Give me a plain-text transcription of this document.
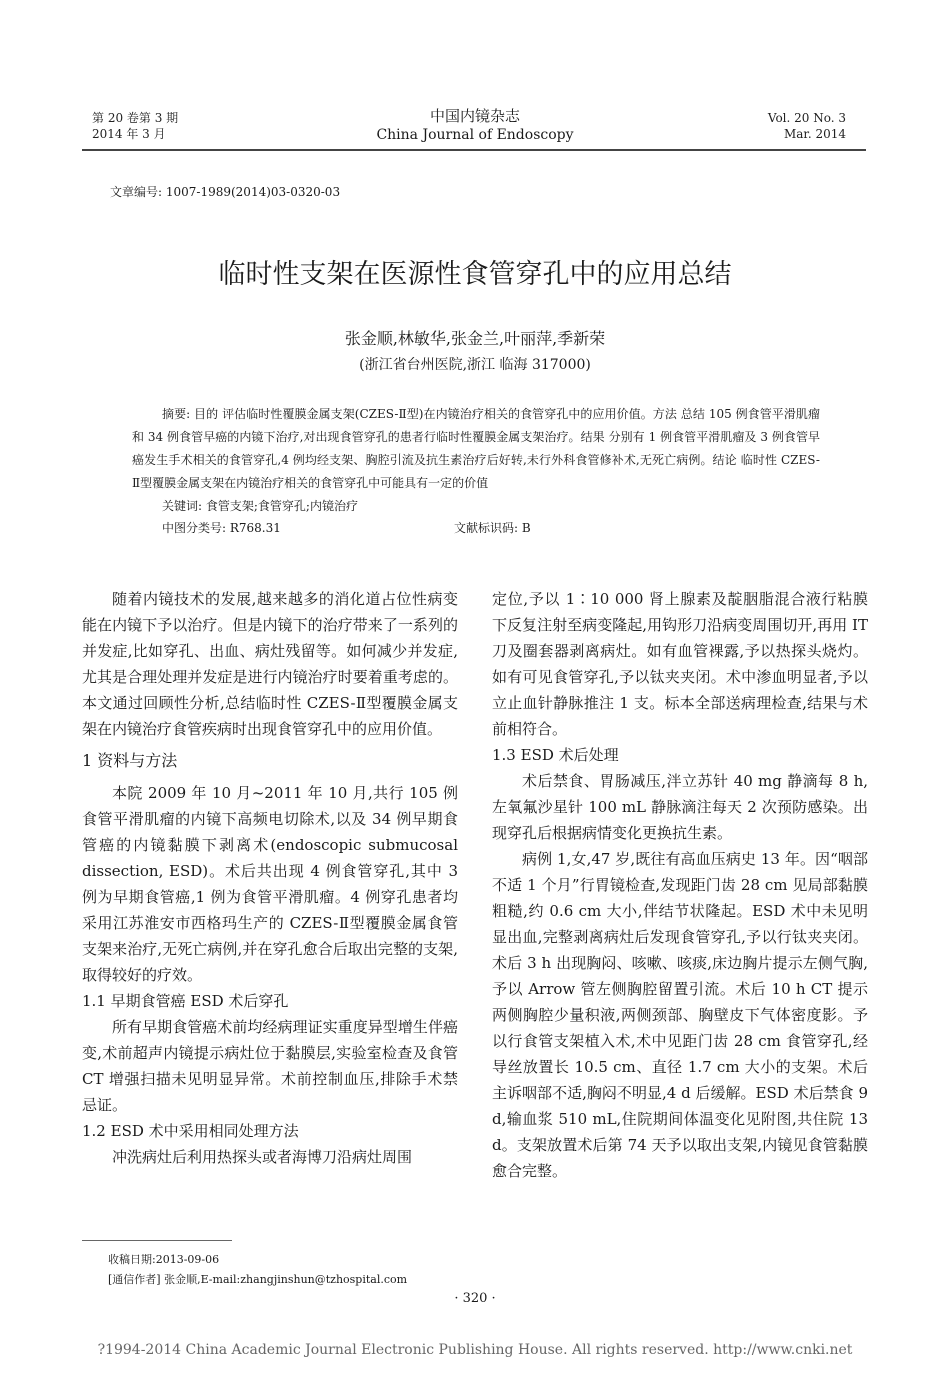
第 20 卷第 3 期
2014 年 3 月
中国内镜杂志
China Journal of Endoscopy
Vol. 20 No. 3
Mar. 2014
文章编号: 1007-1989(2014)03-0320-03
临时性支架在医源性食管穿孔中的应用总结
张金顺,林敏华,张金兰,叶丽萍,季新荣
(浙江省台州医院,浙江 临海 317000)

摘要: 目的 评估临时性覆膜金属支架(CZES-Ⅱ型)在内镜治疗相关的食管穿孔中的应用价值。方法 总结 105 例食管平滑肌瘤和 34 例食管早癌的内镜下治疗,对出现食管穿孔的患者行临时性覆膜金属支架治疗。结果 分别有 1 例食管平滑肌瘤及 3 例食管早癌发生手术相关的食管穿孔,4 例均经支架、胸腔引流及抗生素治疗后好转,未行外科食管修补术,无死亡病例。结论 临时性 CZES-Ⅱ型覆膜金属支架在内镜治疗相关的食管穿孔中可能具有一定的价值

关键词: 食管支架;食管穿孔;内镜治疗
中图分类号: R768.31	文献标识码: B

随着内镜技术的发展,越来越多的消化道占位性病变能在内镜下予以治疗。但是内镜下的治疗带来了一系列的并发症,比如穿孔、出血、病灶残留等。如何减少并发症,尤其是合理处理并发症是进行内镜治疗时要着重考虑的。本文通过回顾性分析,总结临时性 CZES-Ⅱ型覆膜金属支架在内镜治疗食管疾病时出现食管穿孔中的应用价值。

1 资料与方法

本院 2009 年 10 月~2011 年 10 月,共行 105 例食管平滑肌瘤的内镜下高频电切除术,以及 34 例早期食管癌的内镜黏膜下剥离术(endoscopic submucosal dissection, ESD)。术后共出现 4 例食管穿孔,其中 3 例为早期食管癌,1 例为食管平滑肌瘤。4 例穿孔患者均采用江苏淮安市西格玛生产的 CZES-Ⅱ型覆膜金属食管支架来治疗,无死亡病例,并在穿孔愈合后取出完整的支架,取得较好的疗效。

1.1 早期食管癌 ESD 术后穿孔

所有早期食管癌术前均经病理证实重度异型增生伴癌变,术前超声内镜提示病灶位于黏膜层,实验室检查及食管 CT 增强扫描未见明显异常。术前控制血压,排除手术禁忌证。

1.2 ESD 术中采用相同处理方法

冲洗病灶后利用热探头或者海博刀沿病灶周围

定位,予以 1∶10 000 肾上腺素及靛胭脂混合液行粘膜下反复注射至病变隆起,用钩形刀沿病变周围切开,再用 IT 刀及圈套器剥离病灶。如有血管裸露,予以热探头烧灼。如有可见食管穿孔,予以钛夹夹闭。术中渗血明显者,予以立止血针静脉推注 1 支。标本全部送病理检查,结果与术前相符合。
1.3 ESD 术后处理

术后禁食、胃肠减压,泮立苏针 40 mg 静滴每 8 h,左氧氟沙星针 100 mL 静脉滴注每天 2 次预防感染。出现穿孔后根据病情变化更换抗生素。

病例 1,女,47 岁,既往有高血压病史 13 年。因“咽部不适 1 个月”行胃镜检查,发现距门齿 28 cm 见局部黏膜粗糙,约 0.6 cm 大小,伴结节状隆起。ESD 术中未见明显出血,完整剥离病灶后发现食管穿孔,予以行钛夹夹闭。术后 3 h 出现胸闷、咳嗽、咳痰,床边胸片提示左侧气胸,予以 Arrow 管左侧胸腔留置引流。术后 10 h CT 提示两侧胸腔少量积液,两侧颈部、胸壁皮下气体密度影。予以行食管支架植入术,术中见距门齿 28 cm 食管穿孔,经导丝放置长 10.5 cm、直径 1.7 cm 大小的支架。术后主诉咽部不适,胸闷不明显,4 d 后缓解。ESD 术后禁食 9 d,输血浆 510 mL,住院期间体温变化见附图,共住院 13 d。支架放置术后第 74 天予以取出支架,内镜见食管黏膜愈合完整。

收稿日期:2013-09-06
[通信作者] 张金顺,E-mail:zhangjinshun@tzhospital.com
· 320 ·
?1994-2014 China Academic Journal Electronic Publishing House. All rights reserved. http://www.cnki.net
